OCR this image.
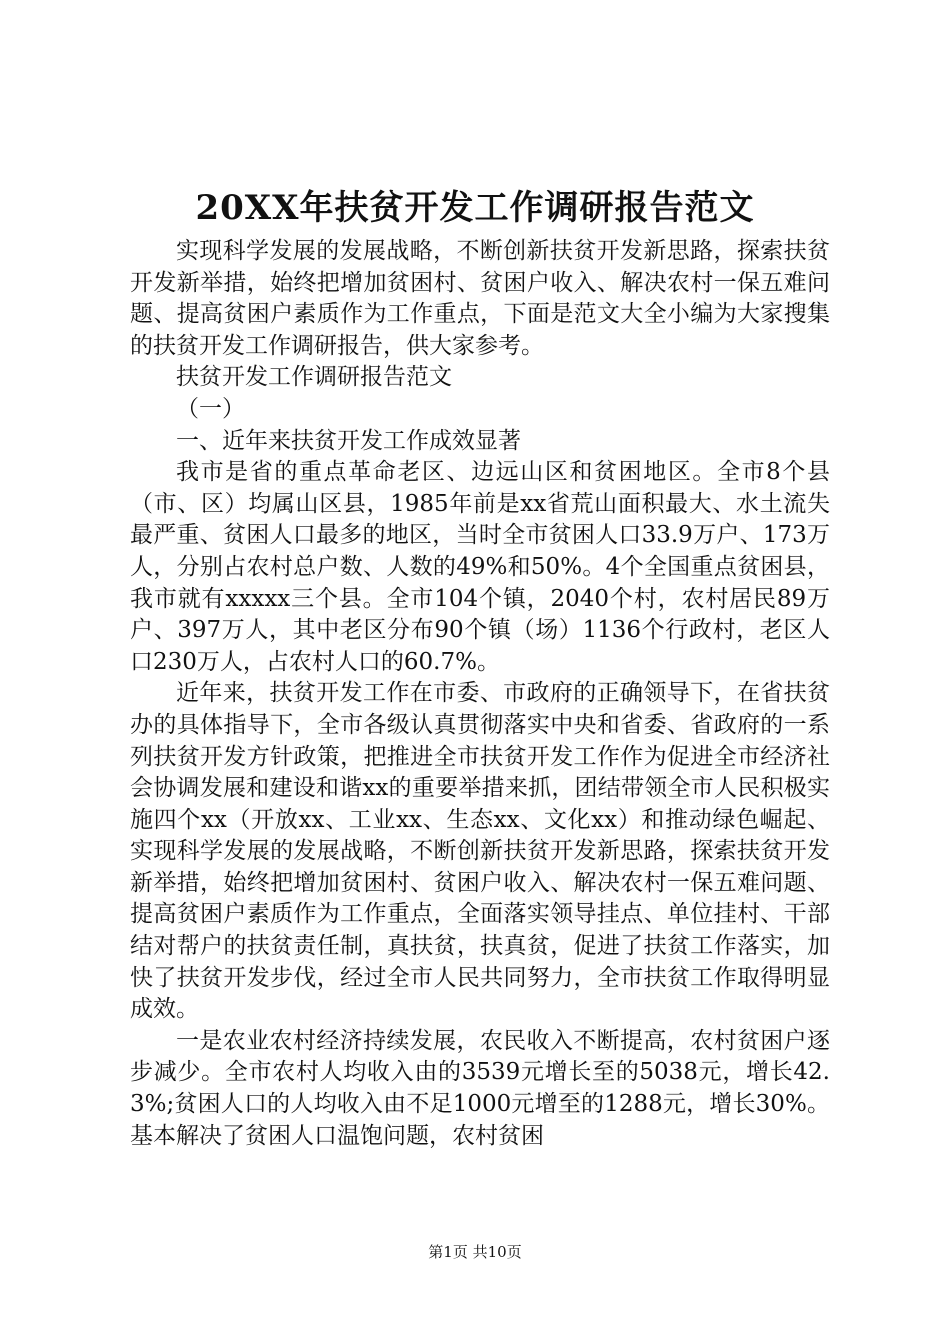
20XX年扶贫开发工作调研报告范文

实现科学发展的发展战略，不断创新扶贫开发新思路，探索扶贫开发新举措，始终把增加贫困村、贫困户收入、解决农村一保五难问题、提高贫困户素质作为工作重点，下面是范文大全小编为大家搜集的扶贫开发工作调研报告，供大家参考。

扶贫开发工作调研报告范文

（一）

一、近年来扶贫开发工作成效显著

我市是省的重点革命老区、边远山区和贫困地区。全市8个县（市、区）均属山区县，1985年前是xx省荒山面积最大、水土流失最严重、贫困人口最多的地区，当时全市贫困人口33.9万户、173万人，分别占农村总户数、人数的49%和50%。4个全国重点贫困县，我市就有xxxxx三个县。全市104个镇，2040个村，农村居民89万户、397万人，其中老区分布90个镇（场）1136个行政村，老区人口230万人，占农村人口的60.7%。

近年来，扶贫开发工作在市委、市政府的正确领导下，在省扶贫办的具体指导下，全市各级认真贯彻落实中央和省委、省政府的一系列扶贫开发方针政策，把推进全市扶贫开发工作作为促进全市经济社会协调发展和建设和谐xx的重要举措来抓，团结带领全市人民积极实施四个xx（开放xx、工业xx、生态xx、文化xx）和推动绿色崛起、实现科学发展的发展战略，不断创新扶贫开发新思路，探索扶贫开发新举措，始终把增加贫困村、贫困户收入、解决农村一保五难问题、提高贫困户素质作为工作重点，全面落实领导挂点、单位挂村、干部结对帮户的扶贫责任制，真扶贫，扶真贫，促进了扶贫工作落实，加快了扶贫开发步伐，经过全市人民共同努力，全市扶贫工作取得明显成效。

一是农业农村经济持续发展，农民收入不断提高，农村贫困户逐步减少。全市农村人均收入由的3539元增长至的5038元，增长42.3%;贫困人口的人均收入由不足1000元增至的1288元，增长30%。基本解决了贫困人口温饱问题，农村贫困

第1页 共10页
